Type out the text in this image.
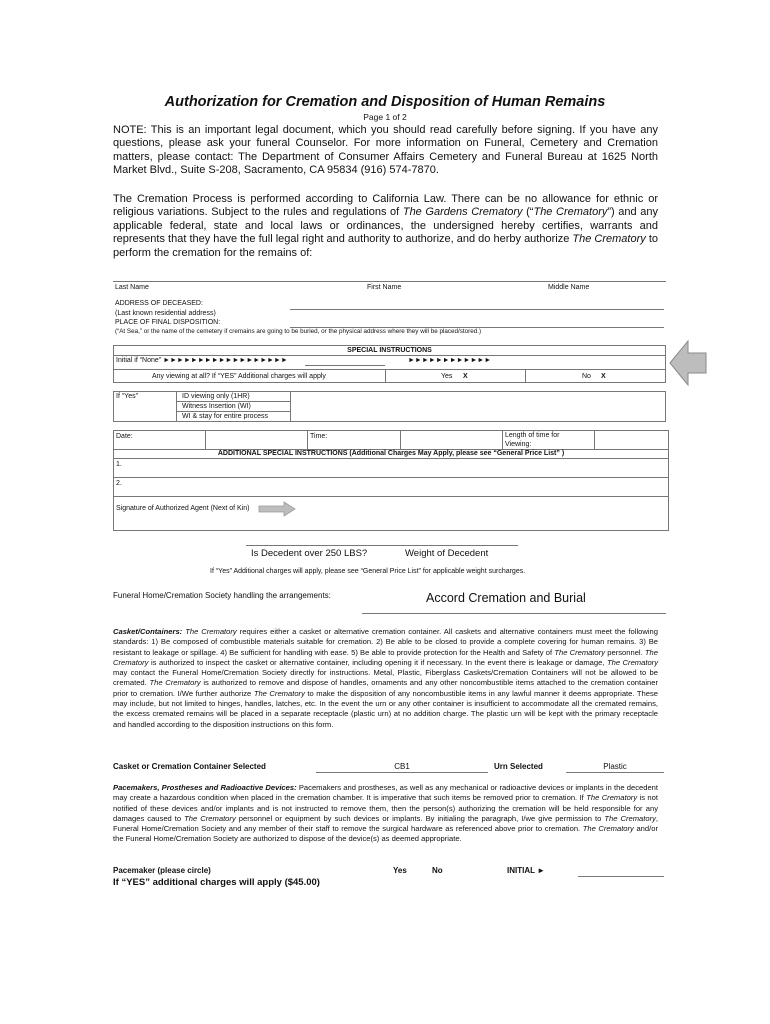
Authorization for Cremation and Disposition of Human Remains
Page 1 of 2
NOTE: This is an important legal document, which you should read carefully before signing. If you have any questions, please ask your funeral Counselor. For more information on Funeral, Cemetery and Cremation matters, please contact: The Department of Consumer Affairs Cemetery and Funeral Bureau at 1625 North Market Blvd., Suite S-208, Sacramento, CA 95834 (916) 574-7870.
The Cremation Process is performed according to California Law. There can be no allowance for ethnic or religious variations. Subject to the rules and regulations of The Gardens Crematory (“The Crematory”) and any applicable federal, state and local laws or ordinances, the undersigned hereby certifies, warrants and represents that they have the full legal right and authority to authorize, and do herby authorize The Crematory to perform the cremation for the remains of:
Last Name	First Name	Middle Name
ADDRESS OF DECEASED:
(Last known residential address)
PLACE OF FINAL DISPOSITION:
(“At Sea,” or the name of the cemetery if cremains are going to be buried, or the physical address where they will be placed/stored.)
SPECIAL INSTRUCTIONS
Initial if “None” ►►►►►►►►►►►►►►►►►►	►►►►►►►►►►►►
Any viewing at all? If “YES” Additional charges will apply	Yes X	No X
If “Yes”	ID viewing only (1HR)
Witness Insertion (WI)
WI & stay for entire process
Date:	Time:	Length of time for Viewing:
ADDITIONAL SPECIAL INSTRUCTIONS (Additional Charges May Apply, please see “General Price List” )
1.
2.
Signature of Authorized Agent (Next of Kin)
Is Decedent over 250 LBS?	Weight of Decedent
If “Yes” Additional charges will apply, please see “General Price List” for applicable weight surcharges.
Funeral Home/Cremation Society handling the arrangements:	Accord Cremation and Burial
Casket/Containers: The Crematory requires either a casket or alternative cremation container. All caskets and alternative containers must meet the following standards: 1) Be composed of combustible materials suitable for cremation. 2) Be able to be closed to provide a complete covering for human remains. 3) Be resistant to leakage or spillage. 4) Be sufficient for handling with ease. 5) Be able to provide protection for the Health and Safety of The Crematory personnel. The Crematory is authorized to inspect the casket or alternative container, including opening it if necessary. In the event there is leakage or damage, The Crematory may contact the Funeral Home/Cremation Society directly for instructions. Metal, Plastic, Fiberglass Caskets/Cremation Containers will not be allowed to be cremated. The Crematory is authorized to remove and dispose of handles, ornaments and any other noncombustible items attached to the cremation container prior to cremation. I/We further authorize The Crematory to make the disposition of any noncombustible items in any lawful manner it deems appropriate. These may include, but not limited to hinges, handles, latches, etc. In the event the urn or any other container is insufficient to accommodate all the cremated remains, the excess cremated remains will be placed in a separate receptacle (plastic urn) at no addition charge. The plastic urn will be kept with the primary receptacle and handled according to the disposition instructions on this form.
Casket or Cremation Container Selected	CB1	Urn Selected	Plastic
Pacemakers, Prostheses and Radioactive Devices: Pacemakers and prostheses, as well as any mechanical or radioactive devices or implants in the decedent may create a hazardous condition when placed in the cremation chamber. It is imperative that such items be removed prior to cremation. If The Crematory is not notified of these devices and/or implants and is not instructed to remove them, then the person(s) authorizing the cremation will be held responsible for any damages caused to The Crematory personnel or equipment by such devices or implants. By initialing the paragraph, I/we give permission to The Crematory, Funeral Home/Cremation Society and any member of their staff to remove the surgical hardware as referenced above prior to cremation. The Crematory and/or the Funeral Home/Cremation Society are authorized to dispose of the device(s) as deemed appropriate.
Pacemaker (please circle)	Yes	No	INITIAL ►
If “YES” additional charges will apply ($45.00)
